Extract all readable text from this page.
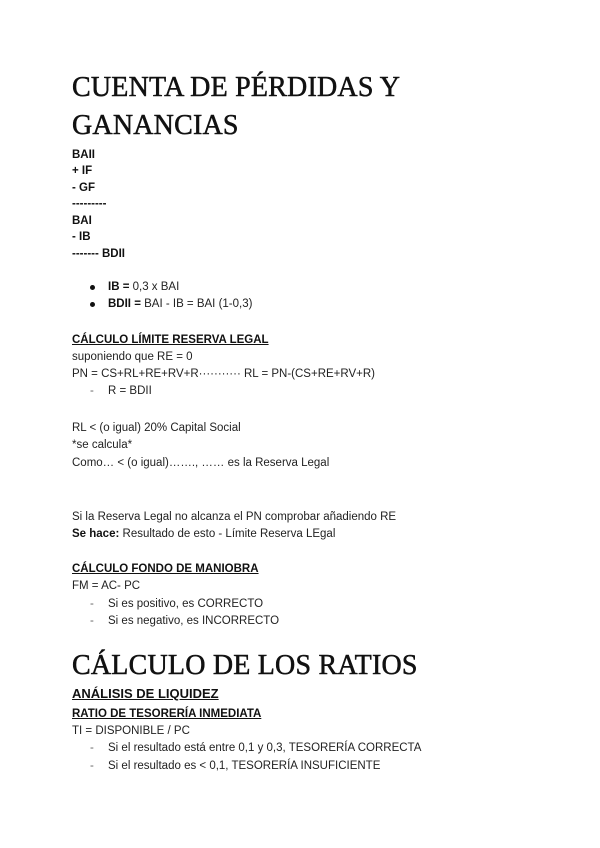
CUENTA DE PÉRDIDAS Y
GANANCIAS
BAII
+ IF
- GF
---------
BAI
- IB
------- BDII
IB = 0,3 x BAI
BDII = BAI - IB = BAI (1-0,3)
CÁLCULO LÍMITE RESERVA LEGAL
suponiendo que RE = 0
PN = CS+RL+RE+RV+R··········· RL = PN-(CS+RE+RV+R)
- R = BDII
RL < (o igual) 20% Capital Social
*se calcula*
Como… < (o igual)……., …… es la Reserva Legal
Si la Reserva Legal no alcanza el PN comprobar añadiendo RE
Se hace: Resultado de esto - Límite Reserva LEgal
CÁLCULO FONDO DE MANIOBRA
FM = AC- PC
- Si es positivo, es CORRECTO
- Si es negativo, es INCORRECTO
CÁLCULO DE LOS RATIOS
ANÁLISIS DE LIQUIDEZ
RATIO DE TESORERÍA INMEDIATA
TI = DISPONIBLE / PC
- Si el resultado está entre 0,1 y 0,3, TESORERÍA CORRECTA
- Si el resultado es < 0,1, TESORERÍA INSUFICIENTE
